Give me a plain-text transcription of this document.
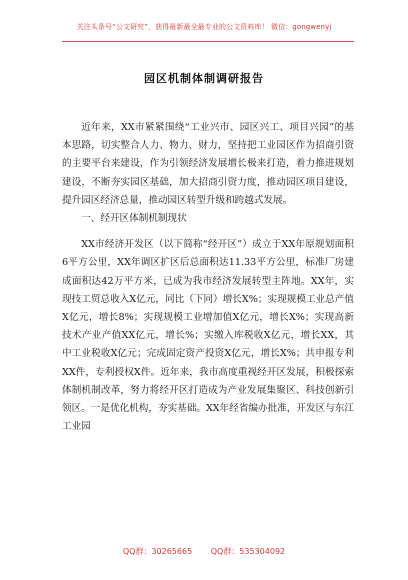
关注头条号“公文研究”，获得最新最全最专业的公文资料库！ 微信：gongwenyj
园区机制体制调研报告

近年来，XX市紧紧围绕“工业兴市、园区兴工、项目兴园”的基本思路，切实整合人力、物力、财力，坚持把工业园区作为招商引资的主要平台来建设，作为引领经济发展增长极来打造，着力推进规划建设，不断夯实园区基础，加大招商引资力度，推动园区项目建设，提升园区经济总量，推动园区转型升级和跨越式发展。

一、经开区体制机制现状

XX市经济开发区（以下简称“经开区”）成立于XX年原规划面积6平方公里，XX年调区扩区后总面积达11.33平方公里，标准厂房建成面积达42万平方米，已成为我市经济发展转型主阵地。XX年，实现技工贸总收入X亿元，同比（下同）增长X%；实现规模工业总产值X亿元，增长8%；实现规模工业增加值X亿元，增长X%；实现高新技术产业产值XX亿元，增长%；实缴入库税收X亿元，增长XX，其中工业税收X亿元；完成固定资产投资X亿元，增长X%；共申报专利XX件，专利授权X件。近年来，我市高度重视经开区发展，积极探索体制机制改革，努力将经开区打造成为产业发展集聚区、科技创新引领区。一是优化机构，夯实基础。XX年经省编办批准，开发区与东江工业园

QQ群：30265665 QQ群：535304092
